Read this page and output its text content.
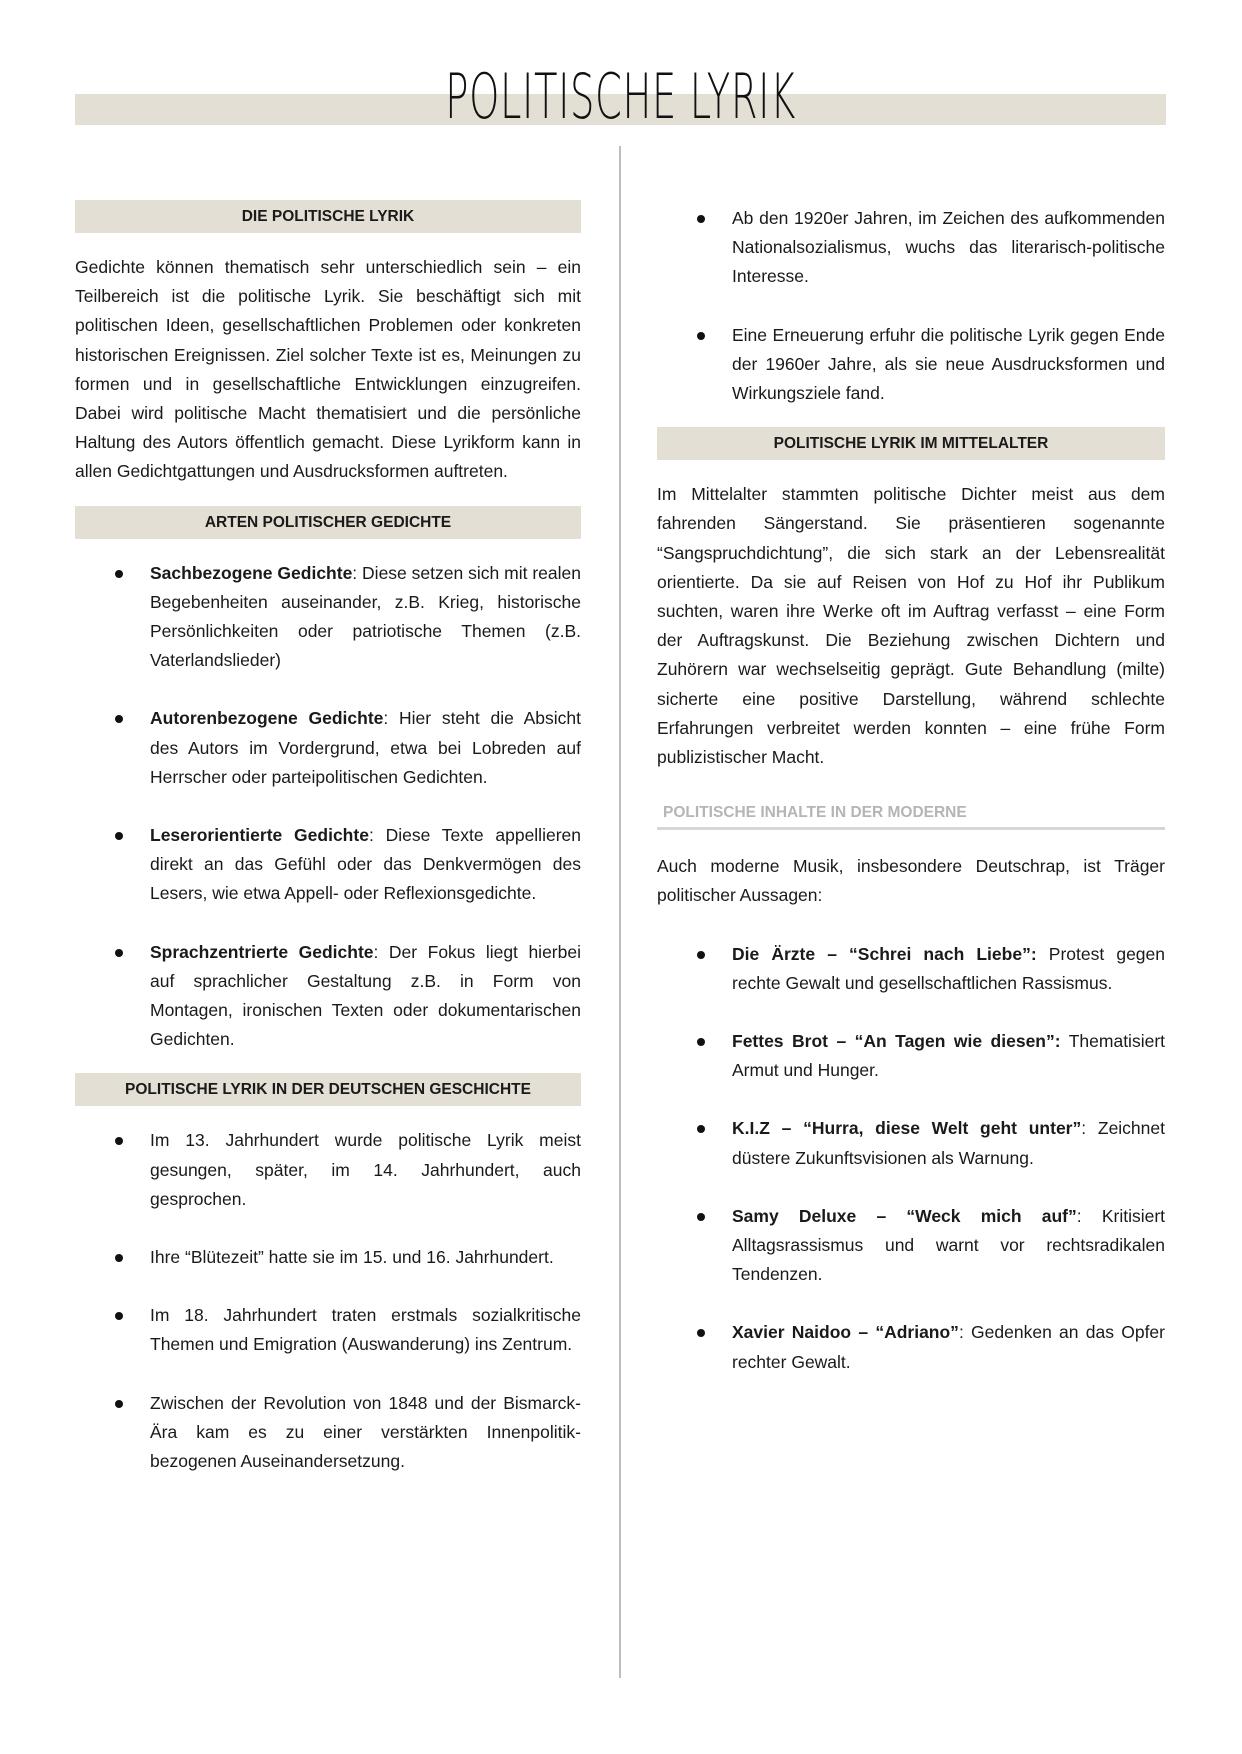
POLITISCHE LYRIK
DIE POLITISCHE LYRIK

Gedichte können thematisch sehr unterschiedlich sein – ein Teilbereich ist die politische Lyrik. Sie beschäftigt sich mit politischen Ideen, gesellschaftlichen Problemen oder konkreten historischen Ereignissen. Ziel solcher Texte ist es, Meinungen zu formen und in gesellschaftliche Entwicklungen einzugreifen. Dabei wird politische Macht thematisiert und die persönliche Haltung des Autors öffentlich gemacht. Diese Lyrikform kann in allen Gedichtgattungen und Ausdrucksformen auftreten.

ARTEN POLITISCHER GEDICHTE
Sachbezogene Gedichte: Diese setzen sich mit realen Begebenheiten auseinander, z.B. Krieg, historische Persönlichkeiten oder patriotische Themen (z.B. Vaterlandslieder)
Autorenbezogene Gedichte: Hier steht die Absicht des Autors im Vordergrund, etwa bei Lobreden auf Herrscher oder parteipolitischen Gedichten.
Leserorientierte Gedichte: Diese Texte appellieren direkt an das Gefühl oder das Denkvermögen des Lesers, wie etwa Appell- oder Reflexionsgedichte.
Sprachzentrierte Gedichte: Der Fokus liegt hierbei auf sprachlicher Gestaltung z.B. in Form von Montagen, ironischen Texten oder dokumentarischen Gedichten.
POLITISCHE LYRIK IN DER DEUTSCHEN GESCHICHTE
Im 13. Jahrhundert wurde politische Lyrik meist gesungen, später, im 14. Jahrhundert, auch gesprochen.
Ihre “Blütezeit” hatte sie im 15. und 16. Jahrhundert.
Im 18. Jahrhundert traten erstmals sozialkritische Themen und Emigration (Auswanderung) ins Zentrum.
Zwischen der Revolution von 1848 und der Bismarck-Ära kam es zu einer verstärkten Innenpolitik-bezogenen Auseinandersetzung.
Ab den 1920er Jahren, im Zeichen des aufkommenden Nationalsozialismus, wuchs das literarisch-politische Interesse.
Eine Erneuerung erfuhr die politische Lyrik gegen Ende der 1960er Jahre, als sie neue Ausdrucksformen und Wirkungsziele fand.
POLITISCHE LYRIK IM MITTELALTER

Im Mittelalter stammten politische Dichter meist aus dem fahrenden Sängerstand. Sie präsentieren sogenannte “Sangspruchdichtung”, die sich stark an der Lebensrealität orientierte. Da sie auf Reisen von Hof zu Hof ihr Publikum suchten, waren ihre Werke oft im Auftrag verfasst – eine Form der Auftragskunst. Die Beziehung zwischen Dichtern und Zuhörern war wechselseitig geprägt. Gute Behandlung (milte) sicherte eine positive Darstellung, während schlechte Erfahrungen verbreitet werden konnten – eine frühe Form publizistischer Macht.

POLITISCHE INHALTE IN DER MODERNE

Auch moderne Musik, insbesondere Deutschrap, ist Träger politischer Aussagen:

Die Ärzte – “Schrei nach Liebe”: Protest gegen rechte Gewalt und gesellschaftlichen Rassismus.
Fettes Brot – “An Tagen wie diesen”: Thematisiert Armut und Hunger.
K.I.Z – “Hurra, diese Welt geht unter”: Zeichnet düstere Zukunftsvisionen als Warnung.
Samy Deluxe – “Weck mich auf”: Kritisiert Alltagsrassismus und warnt vor rechtsradikalen Tendenzen.
Xavier Naidoo – “Adriano”: Gedenken an das Opfer rechter Gewalt.
